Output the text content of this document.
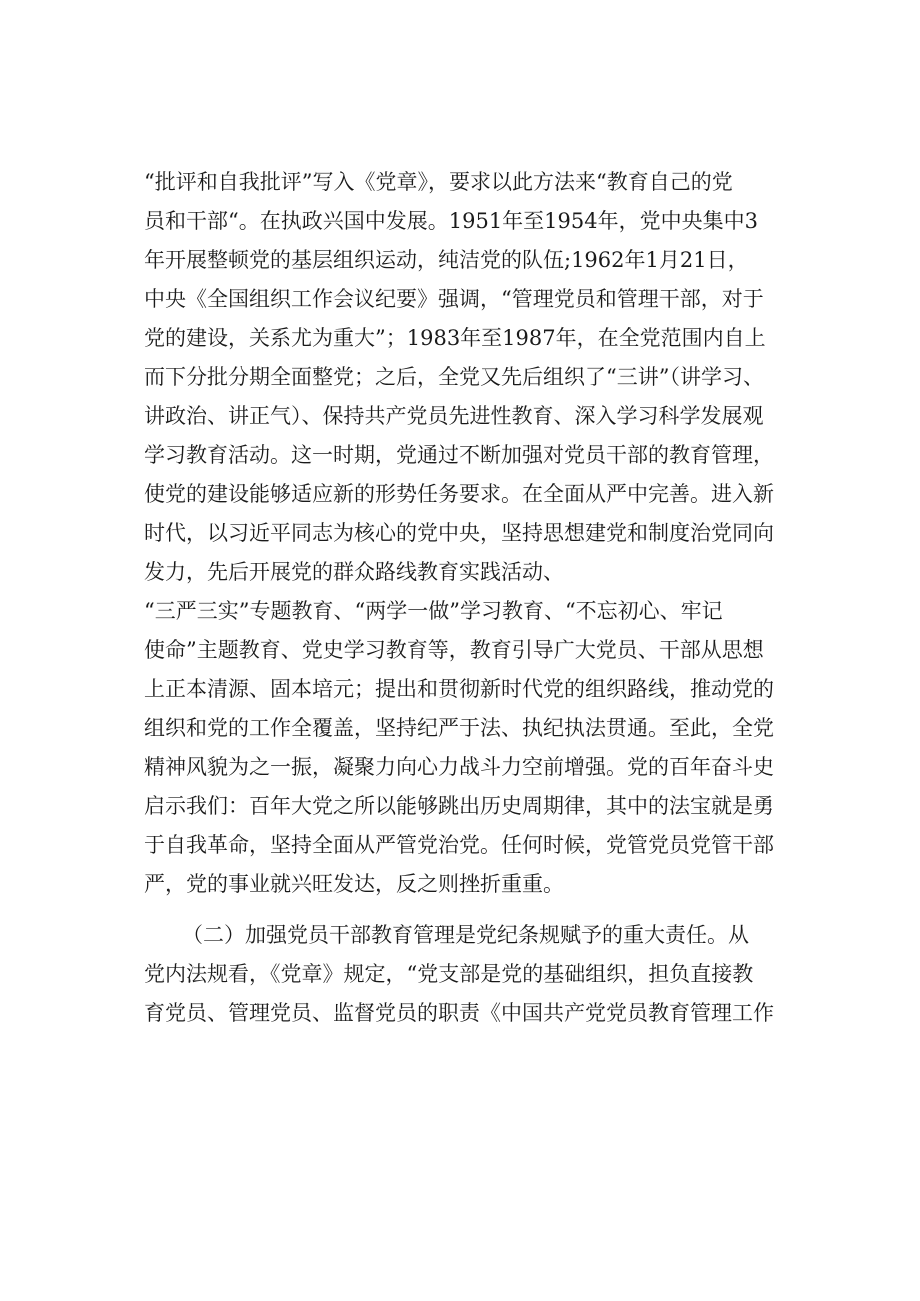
“批评和自我批评”写入《党章》，要求以此方法来“教育自己的党
员和干部“。在执政兴国中发展。1951年至1954年，党中央集中3
年开展整顿党的基层组织运动，纯洁党的队伍;1962年1月21日，
中央《全国组织工作会议纪要》强调，“管理党员和管理干部，对于
党的建设，关系尤为重大”；1983年至1987年，在全党范围内自上
而下分批分期全面整党；之后，全党又先后组织了“三讲”（讲学习、
讲政治、讲正气）、保持共产党员先进性教育、深入学习科学发展观
学习教育活动。这一时期，党通过不断加强对党员干部的教育管理，
使党的建设能够适应新的形势任务要求。在全面从严中完善。进入新
时代，以习近平同志为核心的党中央，坚持思想建党和制度治党同向
发力，先后开展党的群众路线教育实践活动、
“三严三实”专题教育、“两学一做”学习教育、“不忘初心、牢记
使命”主题教育、党史学习教育等，教育引导广大党员、干部从思想
上正本清源、固本培元；提出和贯彻新时代党的组织路线，推动党的
组织和党的工作全覆盖，坚持纪严于法、执纪执法贯通。至此，全党
精神风貌为之一振，凝聚力向心力战斗力空前增强。党的百年奋斗史
启示我们：百年大党之所以能够跳出历史周期律，其中的法宝就是勇
于自我革命，坚持全面从严管党治党。任何时候，党管党员党管干部
严，党的事业就兴旺发达，反之则挫折重重。
（二）加强党员干部教育管理是党纪条规赋予的重大责任。从
党内法规看，《党章》规定，“党支部是党的基础组织，担负直接教
育党员、管理党员、监督党员的职责《中国共产党党员教育管理工作
